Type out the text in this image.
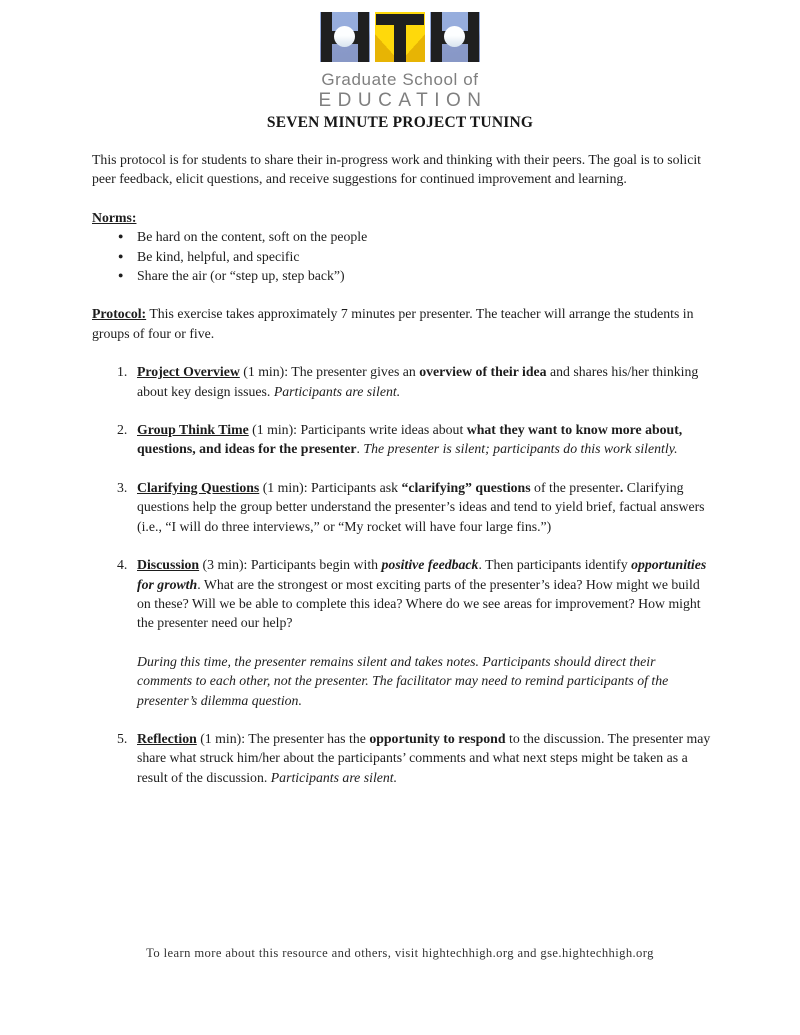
Graduate School of
EDUCATION
SEVEN MINUTE PROJECT TUNING
This protocol is for students to share their in-progress work and thinking with their peers. The goal is to solicit peer feedback, elicit questions, and receive suggestions for continued improvement and learning.
Norms:
● Be hard on the content, soft on the people
● Be kind, helpful, and specific
● Share the air (or “step up, step back”)
Protocol: This exercise takes approximately 7 minutes per presenter. The teacher will arrange the students in groups of four or five.
1. Project Overview (1 min): The presenter gives an overview of their idea and shares his/her thinking about key design issues. Participants are silent.
2. Group Think Time (1 min): Participants write ideas about what they want to know more about, questions, and ideas for the presenter. The presenter is silent; participants do this work silently.
3. Clarifying Questions (1 min): Participants ask “clarifying” questions of the presenter. Clarifying questions help the group better understand the presenter’s ideas and tend to yield brief, factual answers  (i.e., “I will do three interviews,” or “My rocket will have four large fins.”)
4. Discussion (3 min): Participants begin with positive feedback. Then participants identify opportunities for growth. What are the strongest or most exciting parts of the presenter’s idea? How might we build on these? Will we be able to complete this idea? Where do we see areas for improvement? How might the presenter need our help?
During this time, the presenter remains silent and takes notes. Participants should direct their comments to each other, not the presenter. The facilitator may need to remind participants of the presenter’s dilemma question.
5. Reflection (1 min): The presenter has the opportunity to respond to the discussion. The presenter may share what struck him/her about the participants’ comments and what next steps might be taken as a result of the discussion. Participants are silent.
To learn more about this resource and others, visit hightechhigh.org and gse.hightechhigh.org
